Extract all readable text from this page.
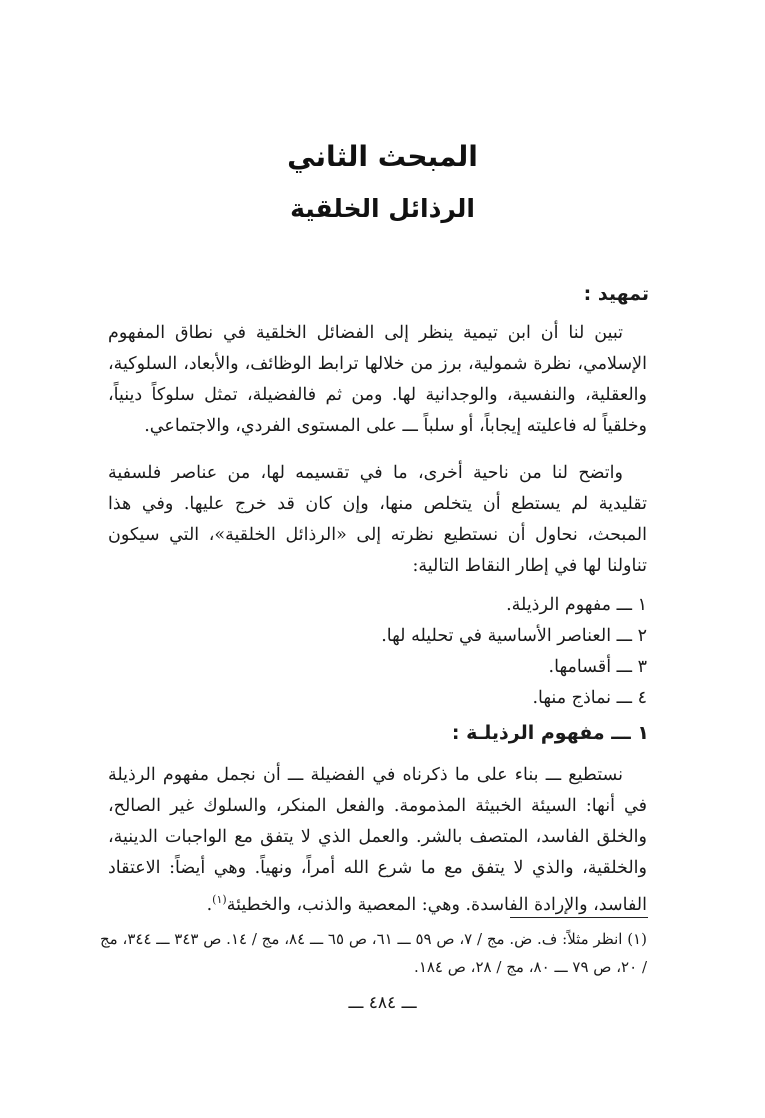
المبحث الثاني
الرذائل الخلقية
تمهيد :
تبين لنا أن ابن تيمية ينظر إلى الفضائل الخلقية في نطاق المفهوم الإسلامي، نظرة شمولية، برز من خلالها ترابط الوظائف، والأبعاد، السلوكية، والعقلية، والنفسية، والوجدانية لها. ومن ثم فالفضيلة، تمثل سلوكاً دينياً، وخلقياً له فاعليته إيجاباً، أو سلباً ـــ على المستوى الفردي، والاجتماعي.
واتضح لنا من ناحية أخرى، ما في تقسيمه لها، من عناصر فلسفية تقليدية لم يستطع أن يتخلص منها، وإن كان قد خرج عليها. وفي هذا المبحث، نحاول أن نستطيع نظرته إلى «الرذائل الخلقية»، التي سيكون تناولنا لها في إطار النقاط التالية:
١ ـــ مفهوم الرذيلة.
٢ ـــ العناصر الأساسية في تحليله لها.
٣ ـــ أقسامها.
٤ ـــ نماذج منها.
١ ـــ مفهوم الرذيلـة :
نستطيع ـــ بناء على ما ذكرناه في الفضيلة ـــ أن نجمل مفهوم الرذيلة في أنها: السيئة الخبيثة المذمومة. والفعل المنكر، والسلوك غير الصالح، والخلق الفاسد، المتصف بالشر. والعمل الذي لا يتفق مع الواجبات الدينية، والخلقية، والذي لا يتفق مع ما شرع الله أمراً، ونهياً. وهي أيضاً: الاعتقاد الفاسد، والإرادة الفاسدة. وهي: المعصية والذنب، والخطيئة$^{(١)}$.
(١) انظر مثلاً: ف. ض. مج / ٧، ص ٥٩ ـــ ٦١، ص ٦٥ ـــ ٨٤، مج / ١٤. ص ٣٤٣ ـــ ٣٤٤، مج / ٢٠، ص ٧٩ ـــ ٨٠، مج / ٢٨، ص ١٨٤.
ـــ ٤٨٤ ـــ
